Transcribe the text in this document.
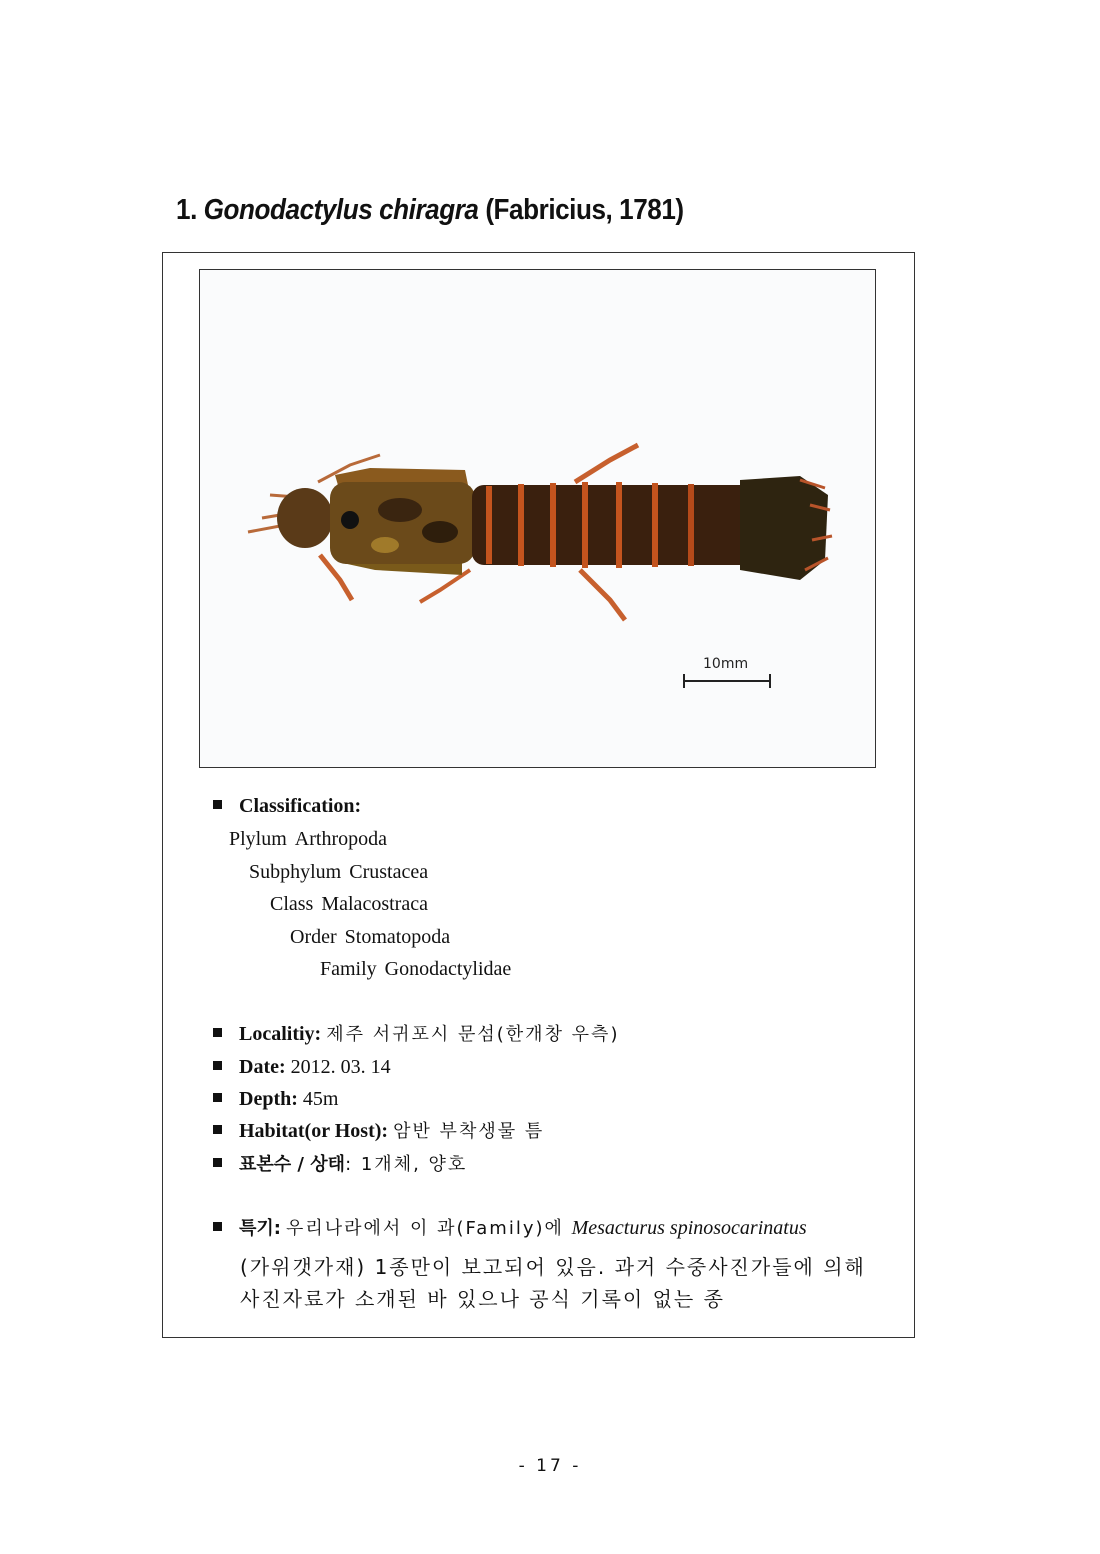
1. Gonodactylus chiragra (Fabricius, 1781)
10mm
Classification:
Plylum Arthropoda
Subphylum Crustacea
Class Malacostraca
Order Stomatopoda
Family Gonodactylidae
Localitiy: 제주 서귀포시 문섬(한개창 우측)
Date: 2012. 03. 14
Depth: 45m
Habitat(or Host): 암반 부착생물 틈
표본수 / 상태: 1개체, 양호
특기: 우리나라에서 이 과(Family)에 Mesacturus spinosocarinatus
(가위갯가재) 1종만이 보고되어 있음. 과거 수중사진가들에 의해
사진자료가 소개된 바 있으나 공식 기록이 없는 종
- 17 -
